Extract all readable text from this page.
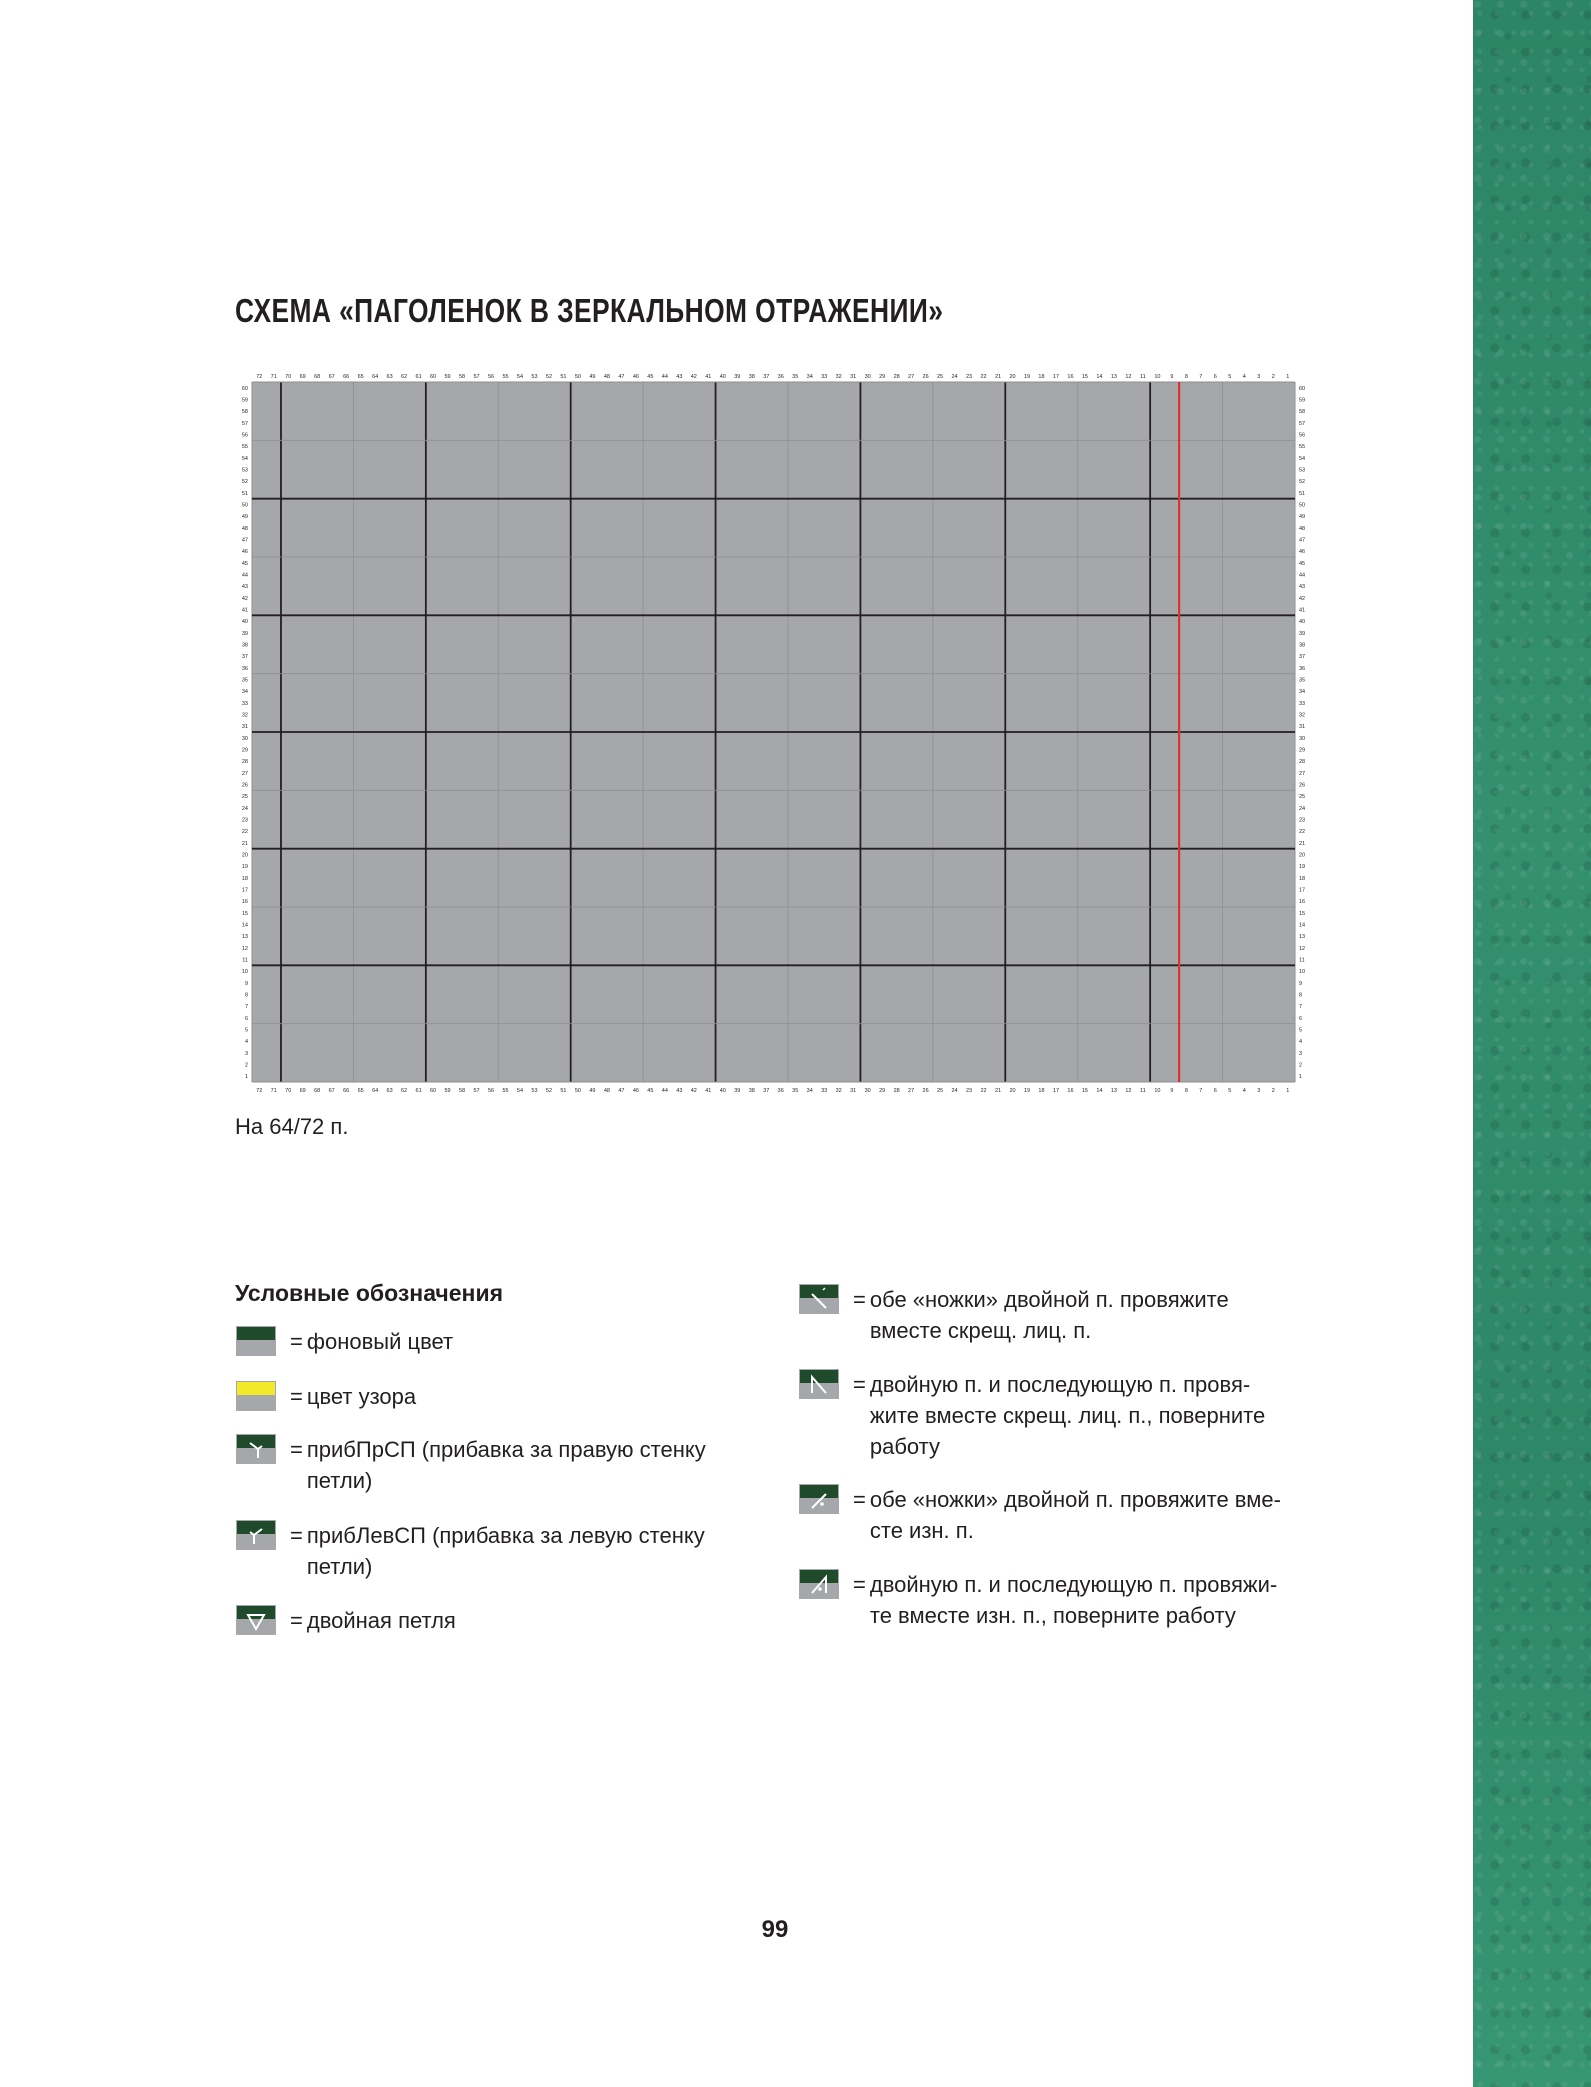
СХЕМА «ПАГОЛЕНОК В ЗЕРКАЛЬНОМ ОТРАЖЕНИИ»
1
1
2
2
3
3
4
4
5
5
6
6
7
7
8
8
9
9
10
10
11
11
12
12
13
13
14
14
15
15
16
16
17
17
18
18
19
19
20
20
21
21
22
22
23
23
24
24
25
25
26
26
27
27
28
28
29
29
30
30
31
31
32
32
33
33
34
34
35
35
36
36
37
37
38
38
39
39
40
40
41
41
42
42
43
43
44
44
45
45
46
46
47
47
48
48
49
49
50
50
51
51
52
52
53
53
54
54
55
55
56
56
57
57
58
58
59
59
60
60
61
61
62
62
63
63
64
64
65
65
66
66
67
67
68
68
69
69
70
70
71
71
72
72
1	1
2	2
3	3
4	4
5	5
6	6
7	7
8	8
9	9
10	10
11	11
12	12
13	13
14	14
15	15
16	16
17	17
18	18
19	19
20	20
21	21
22	22
23	23
24	24
25	25
26	26
27	27
28	28
29	29
30	30
31	31
32	32
33	33
34	34
35	35
36	36
37	37
38	38
39	39
40	40
41	41
42	42
43	43
44	44
45	45
46	46
47	47
48	48
49	49
50	50
51	51
52	52
53	53
54	54
55	55
56	56
57	57
58	58
59	59
60	60

На 64/72 п.

Условные обозначения
= фоновый цвет
= цвет узора
= прибПрСП (прибавка за правую стенку
петли)
= прибЛевСП (прибавка за левую стенку
петли)
= двойная петля
= обе «ножки» двойной п. провяжите
вместе скрещ. лиц. п.
= двойную п. и последующую п. провя-
жите вместе скрещ. лиц. п., поверните
работу
= обе «ножки» двойной п. провяжите вме-
сте изн. п.
= двойную п. и последующую п. провяжи-
те вместе изн. п., поверните работу

99
